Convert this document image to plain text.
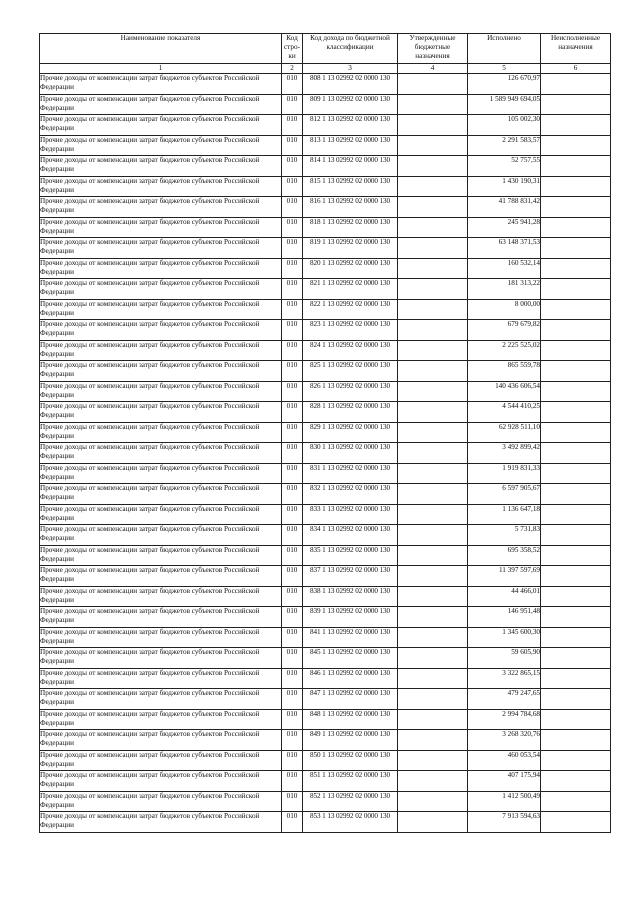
Наименование показателя	Код стро-ки	Код дохода по бюджетной классификации	Утвержденные бюджетные назначения	Исполнено	Неисполненные назначения
1	2	3	4	5	6
Прочие доходы от компенсации затрат бюджетов субъектов Российской Федерации	010	808 1 13 02992 02 0000 130		126 670,97	
Прочие доходы от компенсации затрат бюджетов субъектов Российской Федерации	010	809 1 13 02992 02 0000 130		1 589 949 694,05	
Прочие доходы от компенсации затрат бюджетов субъектов Российской Федерации	010	812 1 13 02992 02 0000 130		105 002,30	
Прочие доходы от компенсации затрат бюджетов субъектов Российской Федерации	010	813 1 13 02992 02 0000 130		2 291 583,57	
Прочие доходы от компенсации затрат бюджетов субъектов Российской Федерации	010	814 1 13 02992 02 0000 130		52 757,55	
Прочие доходы от компенсации затрат бюджетов субъектов Российской Федерации	010	815 1 13 02992 02 0000 130		1 430 190,31	
Прочие доходы от компенсации затрат бюджетов субъектов Российской Федерации	010	816 1 13 02992 02 0000 130		41 788 831,42	
Прочие доходы от компенсации затрат бюджетов субъектов Российской Федерации	010	818 1 13 02992 02 0000 130		245 941,28	
Прочие доходы от компенсации затрат бюджетов субъектов Российской Федерации	010	819 1 13 02992 02 0000 130		63 148 371,53	
Прочие доходы от компенсации затрат бюджетов субъектов Российской Федерации	010	820 1 13 02992 02 0000 130		160 532,14	
Прочие доходы от компенсации затрат бюджетов субъектов Российской Федерации	010	821 1 13 02992 02 0000 130		181 313,22	
Прочие доходы от компенсации затрат бюджетов субъектов Российской Федерации	010	822 1 13 02992 02 0000 130		8 000,00	
Прочие доходы от компенсации затрат бюджетов субъектов Российской Федерации	010	823 1 13 02992 02 0000 130		679 679,82	
Прочие доходы от компенсации затрат бюджетов субъектов Российской Федерации	010	824 1 13 02992 02 0000 130		2 225 525,02	
Прочие доходы от компенсации затрат бюджетов субъектов Российской Федерации	010	825 1 13 02992 02 0000 130		865 559,78	
Прочие доходы от компенсации затрат бюджетов субъектов Российской Федерации	010	826 1 13 02992 02 0000 130		140 436 606,54	
Прочие доходы от компенсации затрат бюджетов субъектов Российской Федерации	010	828 1 13 02992 02 0000 130		4 544 410,25	
Прочие доходы от компенсации затрат бюджетов субъектов Российской Федерации	010	829 1 13 02992 02 0000 130		62 928 511,10	
Прочие доходы от компенсации затрат бюджетов субъектов Российской Федерации	010	830 1 13 02992 02 0000 130		3 492 899,42	
Прочие доходы от компенсации затрат бюджетов субъектов Российской Федерации	010	831 1 13 02992 02 0000 130		1 919 831,33	
Прочие доходы от компенсации затрат бюджетов субъектов Российской Федерации	010	832 1 13 02992 02 0000 130		6 597 905,67	
Прочие доходы от компенсации затрат бюджетов субъектов Российской Федерации	010	833 1 13 02992 02 0000 130		1 136 647,18	
Прочие доходы от компенсации затрат бюджетов субъектов Российской Федерации	010	834 1 13 02992 02 0000 130		5 731,83	
Прочие доходы от компенсации затрат бюджетов субъектов Российской Федерации	010	835 1 13 02992 02 0000 130		695 358,52	
Прочие доходы от компенсации затрат бюджетов субъектов Российской Федерации	010	837 1 13 02992 02 0000 130		11 397 597,69	
Прочие доходы от компенсации затрат бюджетов субъектов Российской Федерации	010	838 1 13 02992 02 0000 130		44 466,01	
Прочие доходы от компенсации затрат бюджетов субъектов Российской Федерации	010	839 1 13 02992 02 0000 130		146 951,48	
Прочие доходы от компенсации затрат бюджетов субъектов Российской Федерации	010	841 1 13 02992 02 0000 130		1 345 600,30	
Прочие доходы от компенсации затрат бюджетов субъектов Российской Федерации	010	845 1 13 02992 02 0000 130		59 605,90	
Прочие доходы от компенсации затрат бюджетов субъектов Российской Федерации	010	846 1 13 02992 02 0000 130		3 322 865,15	
Прочие доходы от компенсации затрат бюджетов субъектов Российской Федерации	010	847 1 13 02992 02 0000 130		479 247,65	
Прочие доходы от компенсации затрат бюджетов субъектов Российской Федерации	010	848 1 13 02992 02 0000 130		2 994 784,68	
Прочие доходы от компенсации затрат бюджетов субъектов Российской Федерации	010	849 1 13 02992 02 0000 130		3 268 320,76	
Прочие доходы от компенсации затрат бюджетов субъектов Российской Федерации	010	850 1 13 02992 02 0000 130		460 053,54	
Прочие доходы от компенсации затрат бюджетов субъектов Российской Федерации	010	851 1 13 02992 02 0000 130		407 175,94	
Прочие доходы от компенсации затрат бюджетов субъектов Российской Федерации	010	852 1 13 02992 02 0000 130		1 412 500,49	
Прочие доходы от компенсации затрат бюджетов субъектов Российской Федерации	010	853 1 13 02992 02 0000 130		7 913 594,63	
